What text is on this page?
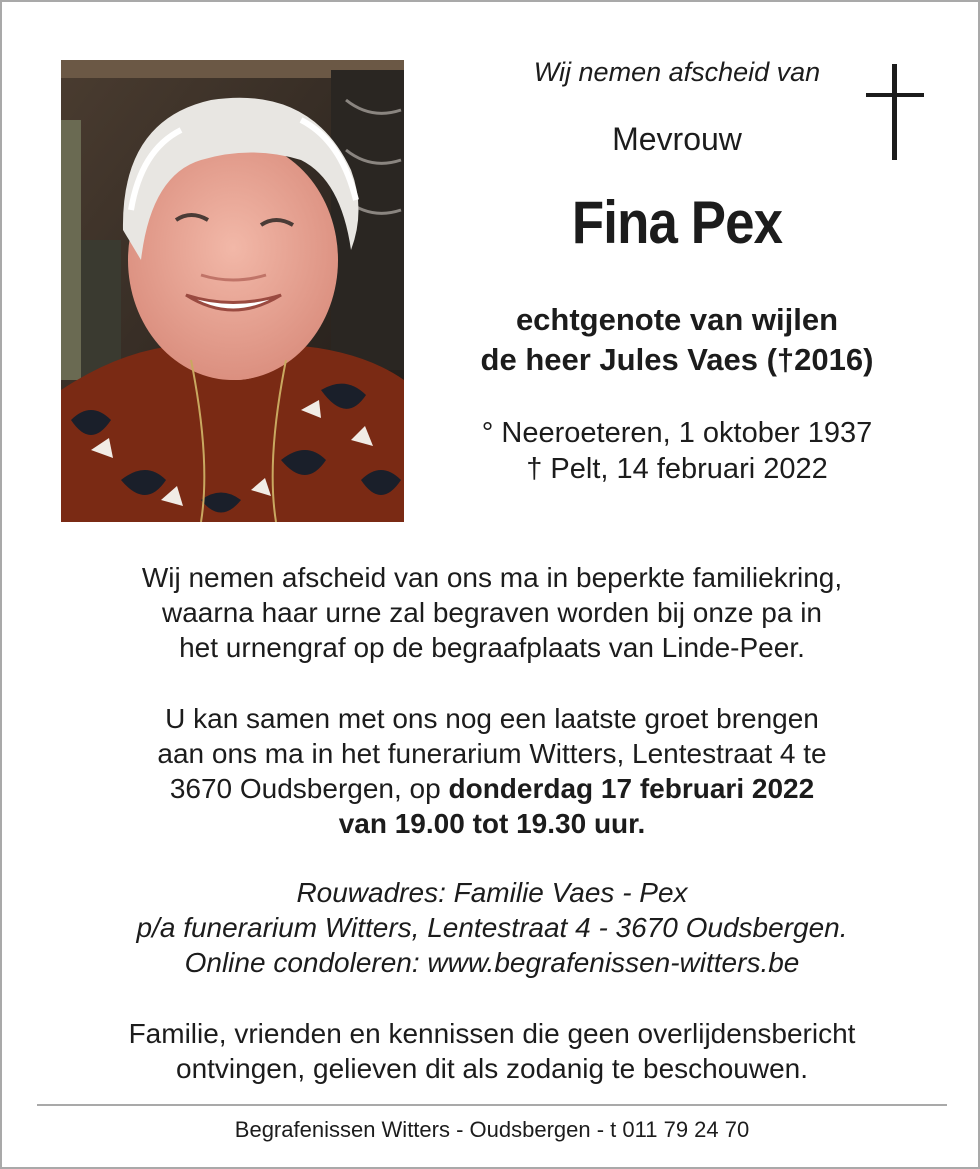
Wij nemen afscheid van

Mevrouw

Fina Pex

echtgenote van wijlen
de heer Jules Vaes (†2016)

° Neeroeteren, 1 oktober 1937
† Pelt, 14 februari 2022

Wij nemen afscheid van ons ma in beperkte familiekring,
waarna haar urne zal begraven worden bij onze pa in
het urnengraf op de begraafplaats van Linde-Peer.

U kan samen met ons nog een laatste groet brengen
aan ons ma in het funerarium Witters, Lentestraat 4 te
3670 Oudsbergen, op donderdag 17 februari 2022
van 19.00 tot 19.30 uur.

Rouwadres: Familie Vaes - Pex
p/a funerarium Witters, Lentestraat 4 - 3670 Oudsbergen.
Online condoleren: www.begrafenissen-witters.be

Familie, vrienden en kennissen die geen overlijdensbericht
ontvingen, gelieven dit als zodanig te beschouwen.

Begrafenissen Witters - Oudsbergen - t 011 79 24 70
